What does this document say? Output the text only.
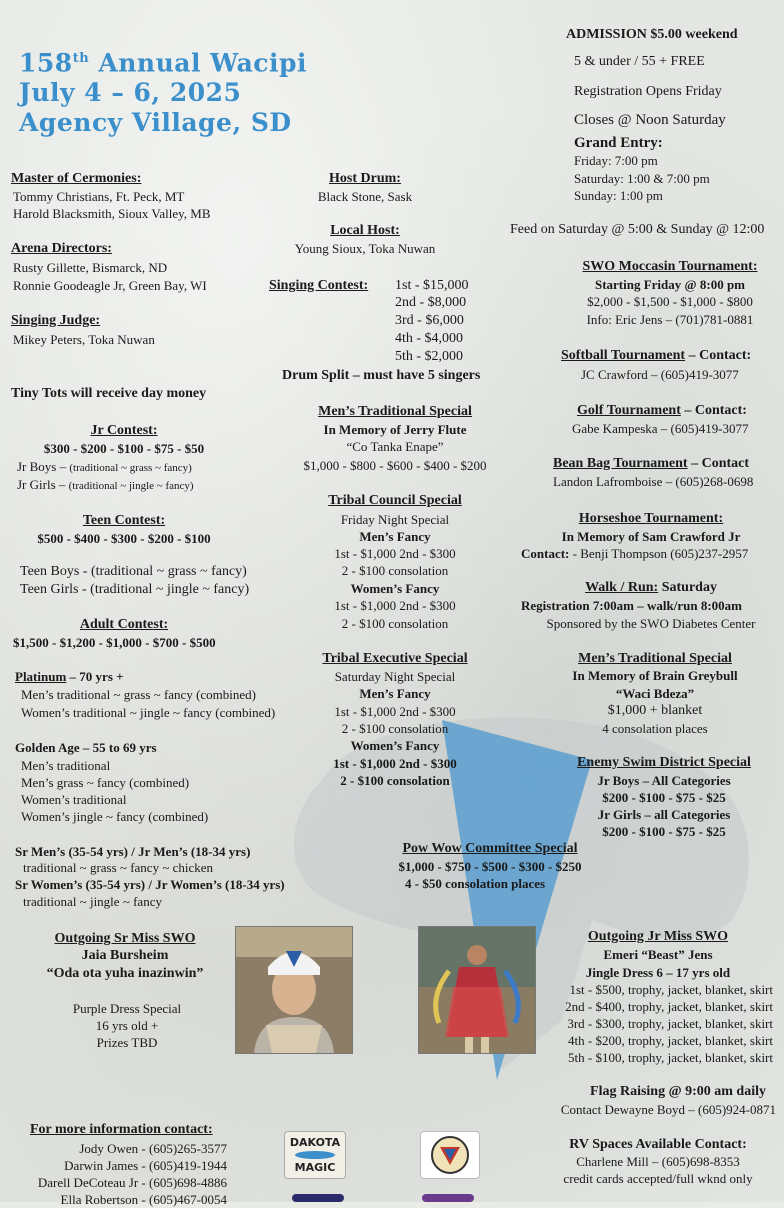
158th Annual Wacipi
July 4 – 6, 2025
Agency Village, SD
ADMISSION $5.00 weekend
5 & under / 55 + FREE
Registration Opens Friday
Closes @ Noon Saturday
Grand Entry:
Friday: 7:00 pm
Saturday: 1:00 & 7:00 pm
Sunday: 1:00 pm
Feed on Saturday @ 5:00 & Sunday @ 12:00
Master of Cermonies:
Tommy Christians, Ft. Peck, MT
Harold Blacksmith, Sioux Valley, MB
Arena Directors:
Rusty Gillette, Bismarck, ND
Ronnie Goodeagle Jr, Green Bay, WI
Singing Judge:
Mikey Peters, Toka Nuwan
Tiny Tots will receive day money
Jr Contest:
$300 - $200 - $100 - $75 - $50
Jr Boys – (traditional ~ grass ~ fancy)
Jr Girls – (traditional ~ jingle ~ fancy)
Teen Contest:
$500 - $400 - $300 - $200 - $100
Teen Boys - (traditional ~ grass ~ fancy)
Teen Girls - (traditional ~ jingle ~ fancy)
Adult Contest:
$1,500 - $1,200 - $1,000 - $700 - $500
Platinum – 70 yrs +
Men’s traditional ~ grass ~ fancy (combined)
Women’s traditional ~ jingle ~ fancy (combined)
Golden Age – 55 to 69 yrs
Men’s traditional
Men’s grass ~ fancy (combined)
Women’s traditional
Women’s jingle ~ fancy (combined)
Sr Men’s (35-54 yrs) / Jr Men’s (18-34 yrs)
traditional ~ grass ~ fancy ~ chicken
Sr Women’s (35-54 yrs) / Jr Women’s (18-34 yrs)
traditional ~ jingle ~ fancy
Host Drum:
Black Stone, Sask
Local Host:
Young Sioux, Toka Nuwan
Singing Contest: 1st - $15,000
2nd - $8,000
3rd - $6,000
4th - $4,000
5th - $2,000
Drum Split – must have 5 singers
Men’s Traditional Special
In Memory of Jerry Flute
“Co Tanka Enape”
$1,000 - $800 - $600 - $400 - $200
Tribal Council Special
Friday Night Special
Men’s Fancy
1st - $1,000 2nd - $300
2 - $100 consolation
Women’s Fancy
1st - $1,000 2nd - $300
2 - $100 consolation
Tribal Executive Special
Saturday Night Special
Men’s Fancy
1st - $1,000 2nd - $300
2 - $100 consolation
Women’s Fancy
1st - $1,000 2nd - $300
2 - $100 consolation
Pow Wow Committee Special
$1,000 - $750 - $500 - $300 - $250
4 - $50 consolation places
SWO Moccasin Tournament:
Starting Friday @ 8:00 pm
$2,000 - $1,500 - $1,000 - $800
Info: Eric Jens – (701)781-0881
Softball Tournament – Contact:
JC Crawford – (605)419-3077
Golf Tournament – Contact:
Gabe Kampeska – (605)419-3077
Bean Bag Tournament – Contact
Landon Lafromboise – (605)268-0698
Horseshoe Tournament:
In Memory of Sam Crawford Jr
Contact: - Benji Thompson (605)237-2957
Walk / Run: Saturday
Registration 7:00am – walk/run 8:00am
Sponsored by the SWO Diabetes Center
Men’s Traditional Special
In Memory of Brain Greybull
“Waci Bdeza”
$1,000 + blanket
4 consolation places
Enemy Swim District Special
Jr Boys – All Categories
$200 - $100 - $75 - $25
Jr Girls – all Categories
$200 - $100 - $75 - $25
Outgoing Sr Miss SWO
Jaia Bursheim
“Oda ota yuha inazinwin”
Purple Dress Special
16 yrs old +
Prizes TBD
Outgoing Jr Miss SWO
Emeri “Beast” Jens
Jingle Dress 6 – 17 yrs old
1st - $500, trophy, jacket, blanket, skirt
2nd - $400, trophy, jacket, blanket, skirt
3rd - $300, trophy, jacket, blanket, skirt
4th - $200, trophy, jacket, blanket, skirt
5th - $100, trophy, jacket, blanket, skirt
Flag Raising @ 9:00 am daily
Contact Dewayne Boyd – (605)924-0871
For more information contact:
Jody Owen - (605)265-3577
Darwin James - (605)419-1944
Darell DeCoteau Jr - (605)698-4886
Ella Robertson - (605)467-0054
DAKOTA
MAGIC
RV Spaces Available Contact:
Charlene Mill – (605)698-8353
credit cards accepted/full wknd only
